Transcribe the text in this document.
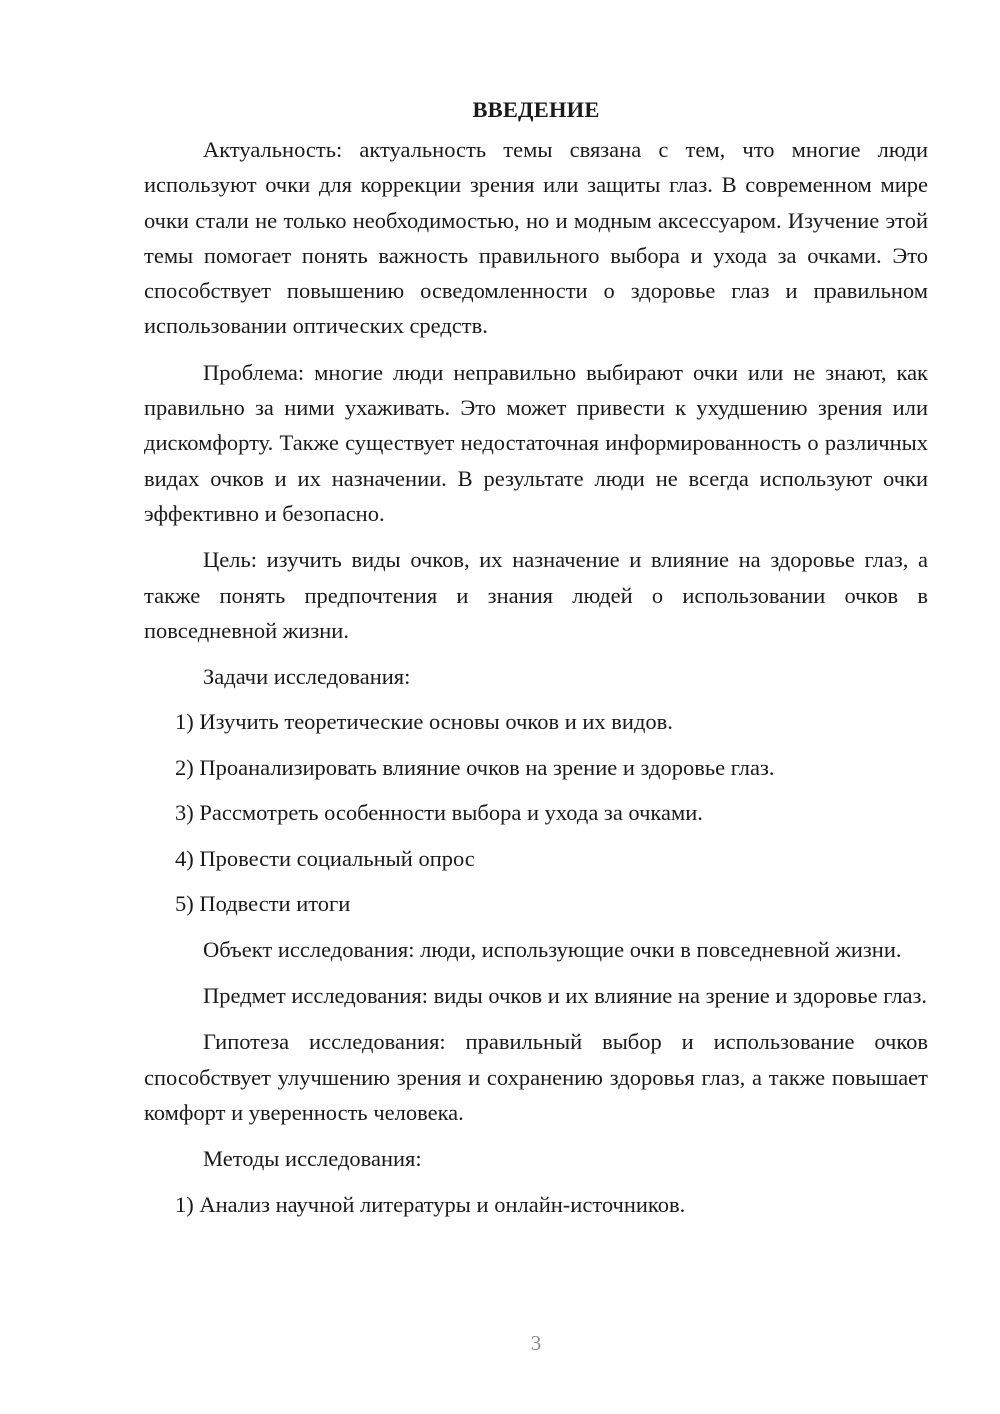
ВВЕДЕНИЕ

Актуальность: актуальность темы связана с тем, что многие люди используют очки для коррекции зрения или защиты глаз. В современном мире очки стали не только необходимостью, но и модным аксессуаром. Изучение этой темы помогает понять важность правильного выбора и ухода за очками. Это способствует повышению осведомленности о здоровье глаз и правильном использовании оптических средств.

Проблема: многие люди неправильно выбирают очки или не знают, как правильно за ними ухаживать. Это может привести к ухудшению зрения или дискомфорту. Также существует недостаточная информированность о различных видах очков и их назначении. В результате люди не всегда используют очки эффективно и безопасно.

Цель: изучить виды очков, их назначение и влияние на здоровье глаз, а также понять предпочтения и знания людей о использовании очков в повседневной жизни.

Задачи исследования:

1) Изучить теоретические основы очков и их видов.

2) Проанализировать влияние очков на зрение и здоровье глаз.

3) Рассмотреть особенности выбора и ухода за очками.

4) Провести социальный опрос

5) Подвести итоги

Объект исследования: люди, использующие очки в повседневной жизни.

Предмет исследования: виды очков и их влияние на зрение и здоровье глаз.

Гипотеза исследования: правильный выбор и использование очков способствует улучшению зрения и сохранению здоровья глаз, а также повышает комфорт и уверенность человека.

Методы исследования:

1) Анализ научной литературы и онлайн-источников.

3
